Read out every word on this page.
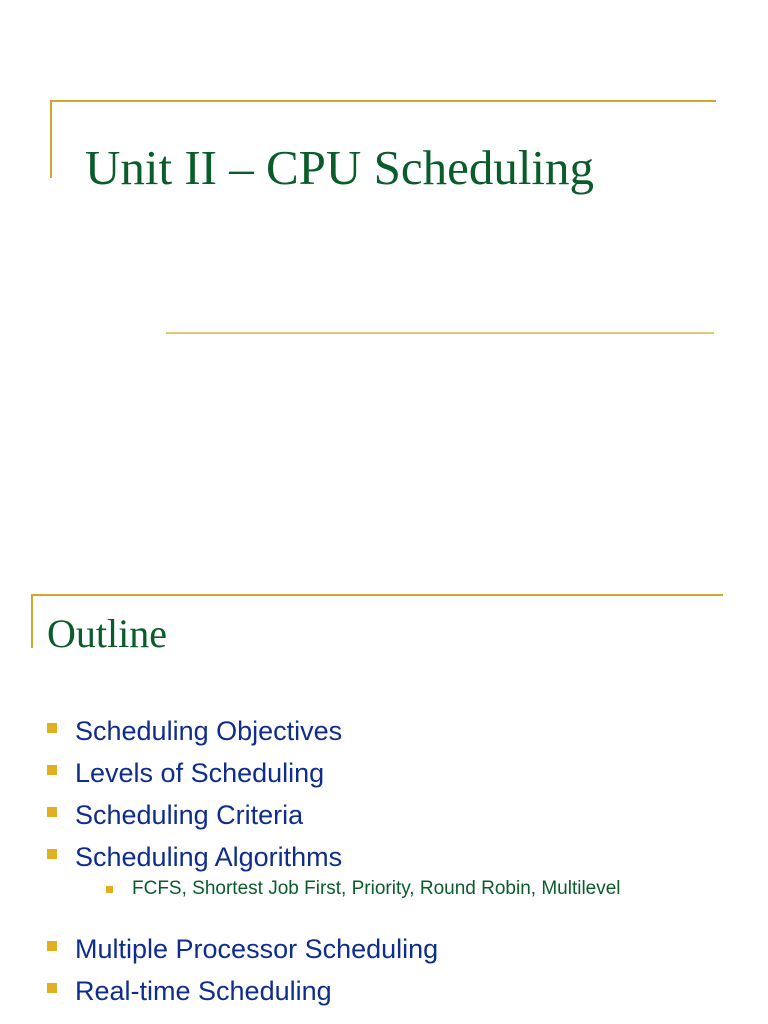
Unit II – CPU Scheduling
Outline
Scheduling Objectives
Levels of Scheduling
Scheduling Criteria
Scheduling Algorithms
FCFS, Shortest Job First, Priority, Round Robin, Multilevel
Multiple Processor Scheduling
Real-time Scheduling
